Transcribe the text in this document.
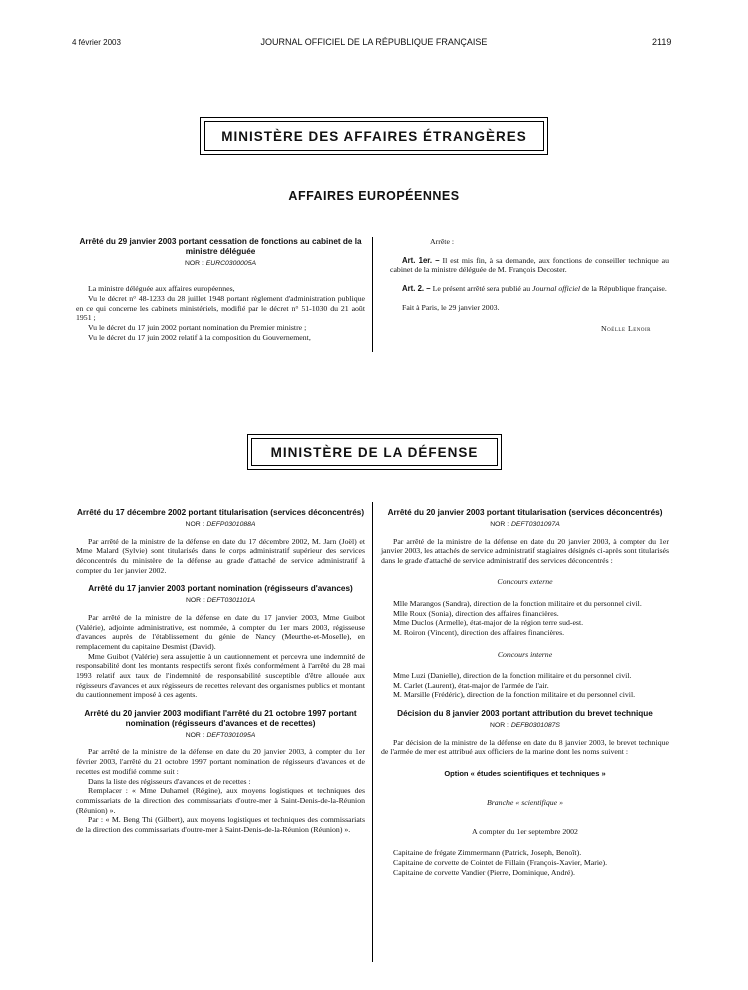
4 février 2003	JOURNAL OFFICIEL DE LA RÉPUBLIQUE FRANÇAISE	2119
MINISTÈRE DES AFFAIRES ÉTRANGÈRES
AFFAIRES EUROPÉENNES

Arrêté du 29 janvier 2003 portant cessation de fonctions au cabinet de la ministre déléguée

NOR : EURC0300005A

La ministre déléguée aux affaires européennes,

Vu le décret n° 48-1233 du 28 juillet 1948 portant règlement d'administration publique en ce qui concerne les cabinets ministériels, modifié par le décret n° 51-1030 du 21 août 1951 ;

Vu le décret du 17 juin 2002 portant nomination du Premier ministre ;

Vu le décret du 17 juin 2002 relatif à la composition du Gouvernement,

Arrête :

Art. 1er. – Il est mis fin, à sa demande, aux fonctions de conseiller technique au cabinet de la ministre déléguée de M. François Decoster.

Art. 2. – Le présent arrêté sera publié au Journal officiel de la République française.

Fait à Paris, le 29 janvier 2003.

Noëlle Lenoir

MINISTÈRE DE LA DÉFENSE

Arrêté du 17 décembre 2002 portant titularisation (services déconcentrés)

NOR : DEFP0301088A

Par arrêté de la ministre de la défense en date du 17 décembre 2002, M. Jarn (Joël) et Mme Malard (Sylvie) sont titularisés dans le corps administratif supérieur des services déconcentrés du ministère de la défense au grade d'attaché de service administratif à compter du 1er janvier 2002.

Arrêté du 17 janvier 2003 portant nomination (régisseurs d'avances)

NOR : DEFT0301101A

Par arrêté de la ministre de la défense en date du 17 janvier 2003, Mme Guibot (Valérie), adjointe administrative, est nommée, à compter du 1er mars 2003, régisseuse d'avances auprès de l'établissement du génie de Nancy (Meurthe-et-Moselle), en remplacement du capitaine Desmist (David).

Mme Guibot (Valérie) sera assujettie à un cautionnement et percevra une indemnité de responsabilité dont les montants respectifs seront fixés conformément à l'arrêté du 28 mai 1993 relatif aux taux de l'indemnité de responsabilité susceptible d'être allouée aux régisseurs d'avances et aux régisseurs de recettes relevant des organismes publics et montant du cautionnement imposé à ces agents.

Arrêté du 20 janvier 2003 modifiant l'arrêté du 21 octobre 1997 portant nomination (régisseurs d'avances et de recettes)

NOR : DEFT0301095A

Par arrêté de la ministre de la défense en date du 20 janvier 2003, à compter du 1er février 2003, l'arrêté du 21 octobre 1997 portant nomination de régisseurs d'avances et de recettes est modifié comme suit :

Dans la liste des régisseurs d'avances et de recettes :

Remplacer : « Mme Duhamel (Régine), aux moyens logistiques et techniques des commissariats de la direction des commissariats d'outre-mer à Saint-Denis-de-la-Réunion (Réunion) ».

Par : « M. Beng Thi (Gilbert), aux moyens logistiques et techniques des commissariats de la direction des commissariats d'outre-mer à Saint-Denis-de-la-Réunion (Réunion) ».

Arrêté du 20 janvier 2003 portant titularisation (services déconcentrés)

NOR : DEFT0301097A

Par arrêté de la ministre de la défense en date du 20 janvier 2003, à compter du 1er janvier 2003, les attachés de service administratif stagiaires désignés ci-après sont titularisés dans le grade d'attaché de service administratif des services déconcentrés :

Concours externe

Mlle Marangos (Sandra), direction de la fonction militaire et du personnel civil.

Mlle Roux (Sonia), direction des affaires financières.

Mme Duclos (Armelle), état-major de la région terre sud-est.

M. Roiron (Vincent), direction des affaires financières.

Concours interne

Mme Luzi (Danielle), direction de la fonction militaire et du personnel civil.

M. Carlet (Laurent), état-major de l'armée de l'air.

M. Marsille (Frédéric), direction de la fonction militaire et du personnel civil.

Décision du 8 janvier 2003 portant attribution du brevet technique

NOR : DEFB0301087S

Par décision de la ministre de la défense en date du 8 janvier 2003, le brevet technique de l'armée de mer est attribué aux officiers de la marine dont les noms suivent :

Option « études scientifiques et techniques »

Branche « scientifique »

A compter du 1er septembre 2002

Capitaine de frégate Zimmermann (Patrick, Joseph, Benoît).

Capitaine de corvette de Cointet de Fillain (François-Xavier, Marie).

Capitaine de corvette Vandier (Pierre, Dominique, André).
